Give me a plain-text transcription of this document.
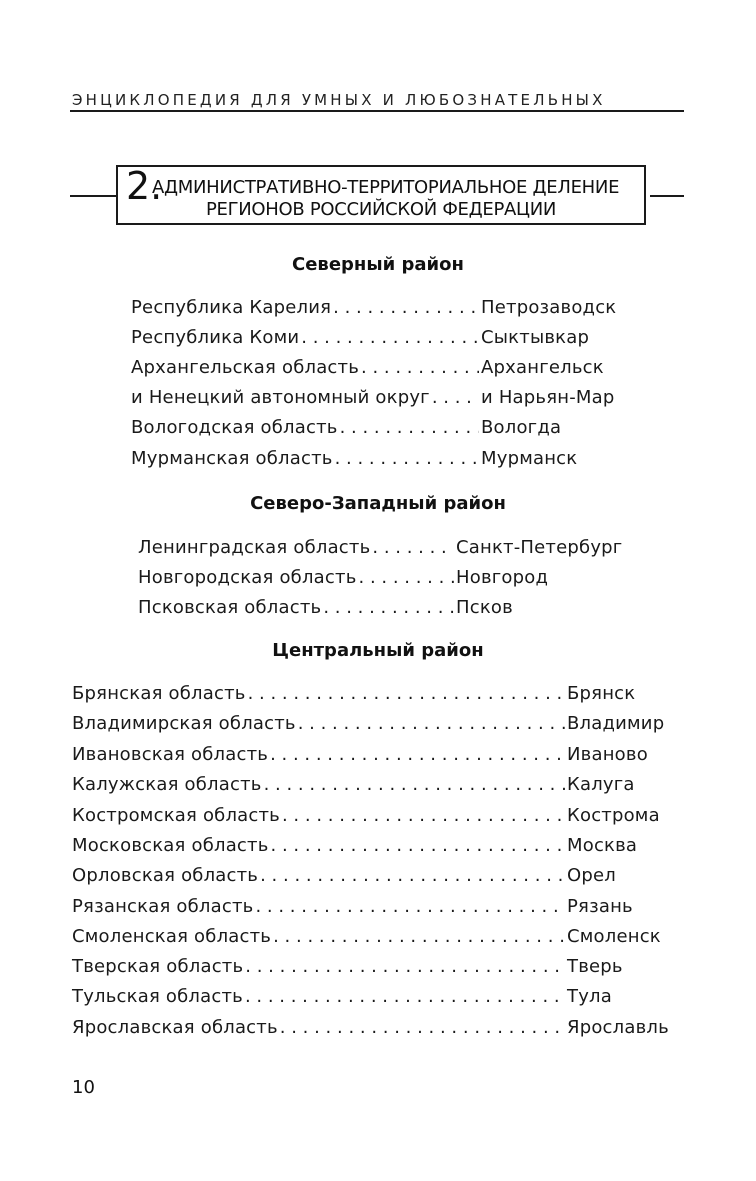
ЭНЦИКЛОПЕДИЯ ДЛЯ УМНЫХ И ЛЮБОЗНАТЕЛЬНЫХ
2.
АДМИНИСТРАТИВНО-ТЕРРИТОРИАЛЬНОЕ ДЕЛЕНИЕ
РЕГИОНОВ РОССИЙСКОЙ ФЕДЕРАЦИИ
Северный район
Республика Карелия . . .	Петрозаводск
Республика Коми . . .	Сыктывкар
Архангельская область . . .	Архангельск
и Ненецкий автономный округ . . .	и Нарьян-Мар
Вологодская область . . .	Вологда
Мурманская область . . .	Мурманск
Северо-Западный район
Ленинградская область . . .	Санкт-Петербург
Новгородская область . . .	Новгород
Псковская область . . .	Псков
Центральный район
Брянская область . . .	Брянск
Владимирская область . . .	Владимир
Ивановская область . . .	Иваново
Калужская область . . .	Калуга
Костромская область . . .	Кострома
Московская область . . .	Москва
Орловская область . . .	Орел
Рязанская область . . .	Рязань
Смоленская область . . .	Смоленск
Тверская область . . .	Тверь
Тульская область . . .	Тула
Ярославская область . . .	Ярославль
10
